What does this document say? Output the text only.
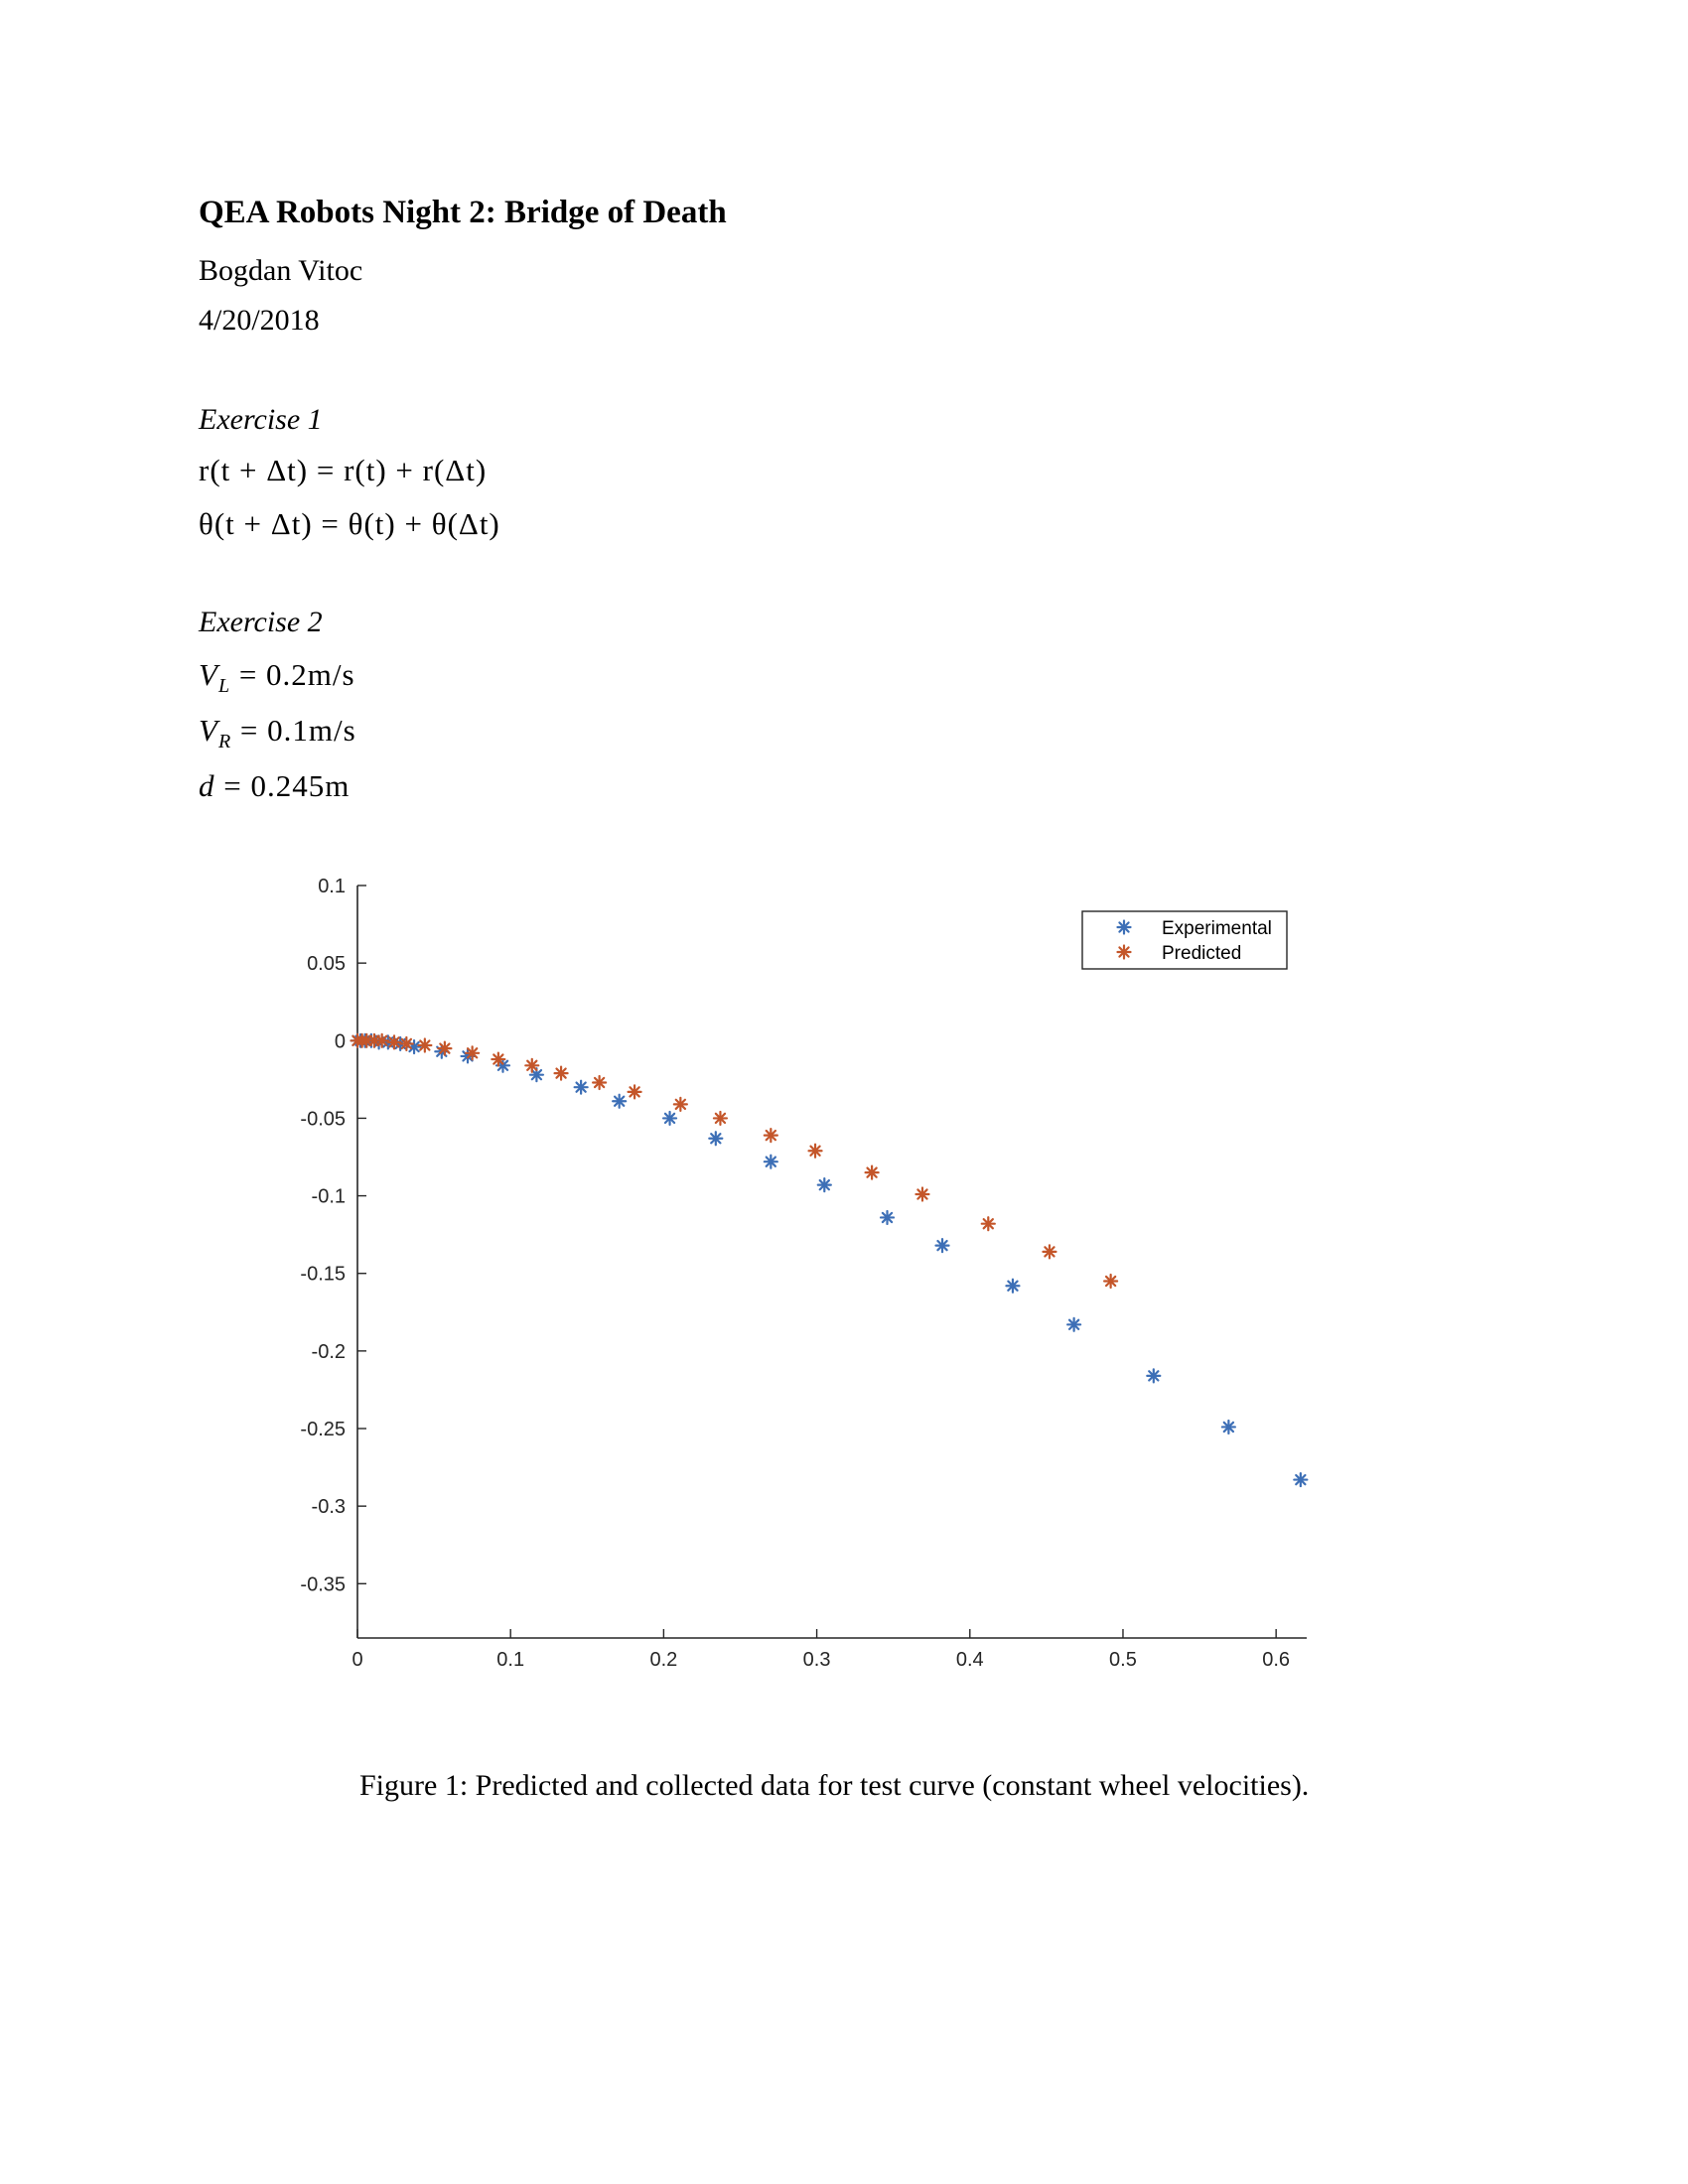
QEA Robots Night 2: Bridge of Death
Bogdan Vitoc
4/20/2018
Exercise 1
r(t + Δt) = r(t) + r(Δt)
θ(t + Δt) = θ(t) + θ(Δt)
Exercise 2
$V_L = 0.2m/s$
$V_R = 0.1m/s$
d = 0.245m
0.1
0.05
0
-0.05
-0.1
-0.15
-0.2
-0.25
-0.3
-0.35
0	0.1	0.2	0.3	0.4	0.5	0.6
Experimental
Predicted
Figure 1: Predicted and collected data for test curve (constant wheel velocities).
